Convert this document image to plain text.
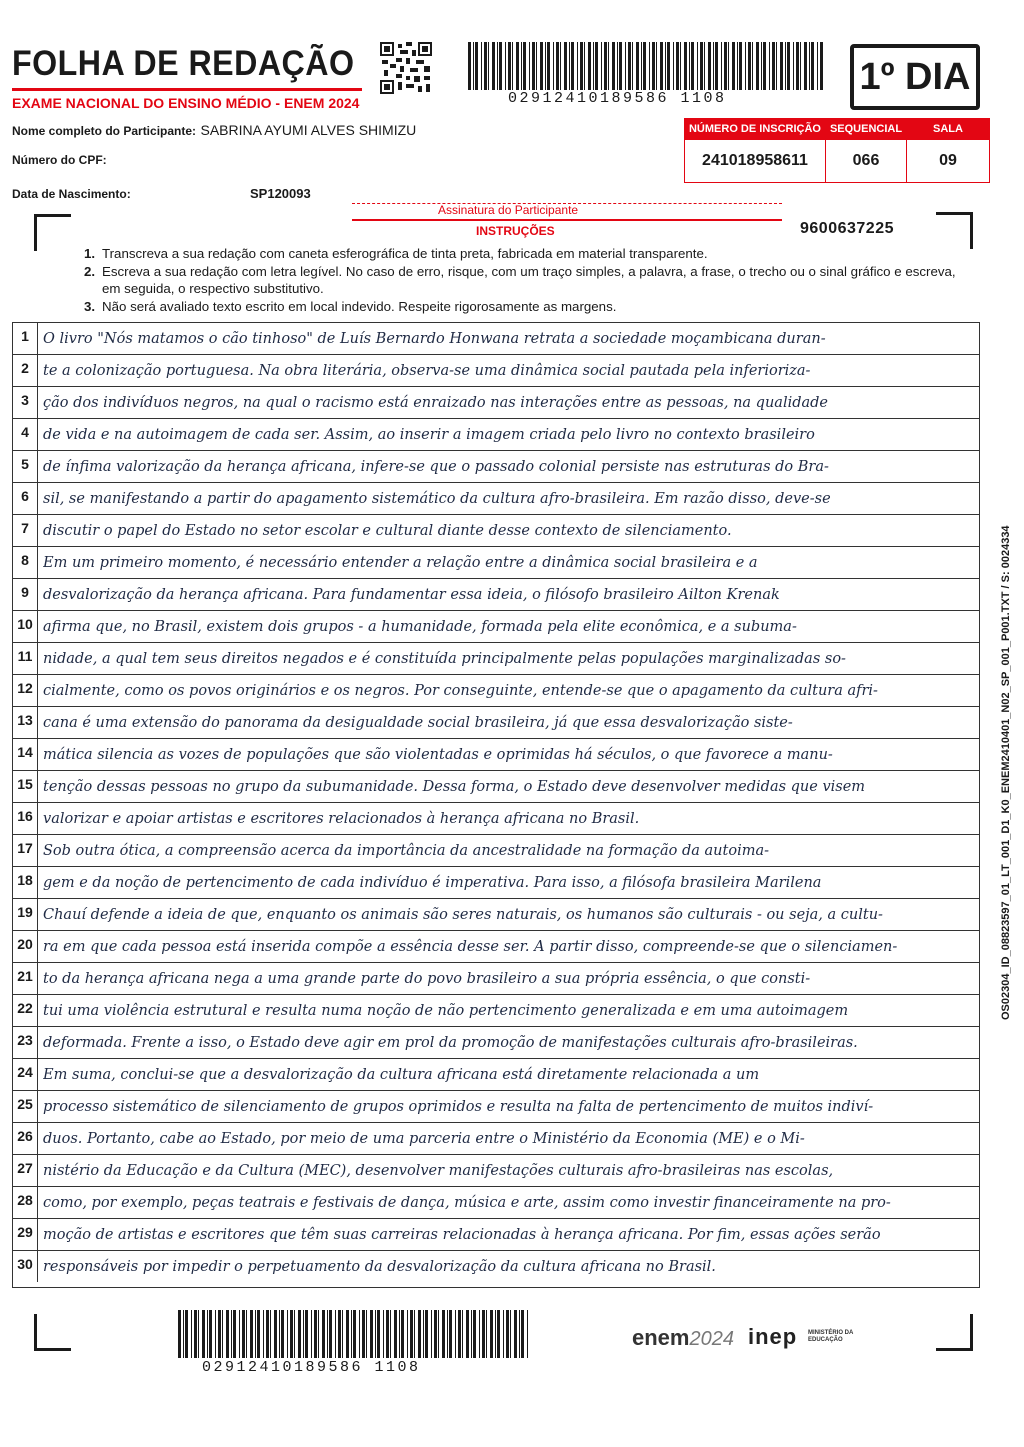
FOLHA DE REDAÇÃO
EXAME NACIONAL DO ENSINO MÉDIO - ENEM 2024	02912410189586 1108
1º DIA
Nome completo do Participante: SABRINA AYUMI ALVES SHIMIZU
Número do CPF:
Data de Nascimento:	SP120093
NÚMERO DE INSCRIÇÃO	SEQUENCIAL	SALA
241018958611	066	09
Assinatura do Participante
INSTRUÇÕES	9600637225
1. Transcreva a sua redação com caneta esferográfica de tinta preta, fabricada em material transparente.
2. Escreva a sua redação com letra legível. No caso de erro, risque, com um traço simples, a palavra, a frase, o trecho ou o sinal gráfico e escreva, em seguida, o respectivo substitutivo.
3. Não será avaliado texto escrito em local indevido. Respeite rigorosamente as margens.
1 O livro "Nós matamos o cão tinhoso" de Luís Bernardo Honwana retrata a sociedade moçambicana duran-
2 te a colonização portuguesa. Na obra literária, observa-se uma dinâmica social pautada pela inferioriza-
3 ção dos indivíduos negros, na qual o racismo está enraizado nas interações entre as pessoas, na qualidade
4 de vida e na autoimagem de cada ser. Assim, ao inserir a imagem criada pelo livro no contexto brasileiro
5 de ínfima valorização da herança africana, infere-se que o passado colonial persiste nas estruturas do Bra-
6 sil, se manifestando a partir do apagamento sistemático da cultura afro-brasileira. Em razão disso, deve-se
7 discutir o papel do Estado no setor escolar e cultural diante desse contexto de silenciamento.
8 Em um primeiro momento, é necessário entender a relação entre a dinâmica social brasileira e a
9 desvalorização da herança africana. Para fundamentar essa ideia, o filósofo brasileiro Ailton Krenak
10 afirma que, no Brasil, existem dois grupos - a humanidade, formada pela elite econômica, e a subuma-
11 nidade, a qual tem seus direitos negados e é constituída principalmente pelas populações marginalizadas so-
12 cialmente, como os povos originários e os negros. Por conseguinte, entende-se que o apagamento da cultura afri-
13 cana é uma extensão do panorama da desigualdade social brasileira, já que essa desvalorização siste-
14 mática silencia as vozes de populações que são violentadas e oprimidas há séculos, o que favorece a manu-
15 tenção dessas pessoas no grupo da subumanidade. Dessa forma, o Estado deve desenvolver medidas que visem
16 valorizar e apoiar artistas e escritores relacionados à herança africana no Brasil.
17 Sob outra ótica, a compreensão acerca da importância da ancestralidade na formação da autoima-
18 gem e da noção de pertencimento de cada indivíduo é imperativa. Para isso, a filósofa brasileira Marilena
19 Chauí defende a ideia de que, enquanto os animais são seres naturais, os humanos são culturais - ou seja, a cultu-
20 ra em que cada pessoa está inserida compõe a essência desse ser. A partir disso, compreende-se que o silenciamen-
21 to da herança africana nega a uma grande parte do povo brasileiro a sua própria essência, o que consti-
22 tui uma violência estrutural e resulta numa noção de não pertencimento generalizada e em uma autoimagem
23 deformada. Frente a isso, o Estado deve agir em prol da promoção de manifestações culturais afro-brasileiras.
24 Em suma, conclui-se que a desvalorização da cultura africana está diretamente relacionada a um
25 processo sistemático de silenciamento de grupos oprimidos e resulta na falta de pertencimento de muitos indiví-
26 duos. Portanto, cabe ao Estado, por meio de uma parceria entre o Ministério da Economia (ME) e o Mi-
27 nistério da Educação e da Cultura (MEC), desenvolver manifestações culturais afro-brasileiras nas escolas,
28 como, por exemplo, peças teatrais e festivais de dança, música e arte, assim como investir financeiramente na pro-
29 moção de artistas e escritores que têm suas carreiras relacionadas à herança africana. Por fim, essas ações serão
30 responsáveis por impedir o perpetuamento da desvalorização da cultura africana no Brasil.
OS02304_ID_08823597_01_LT_001_D1_K0_ENEM2410401_N02_SP_001_P001.TXT / S: 0024334
02912410189586 1108
enem2024 inep MINISTÉRIO DA EDUCAÇÃO
